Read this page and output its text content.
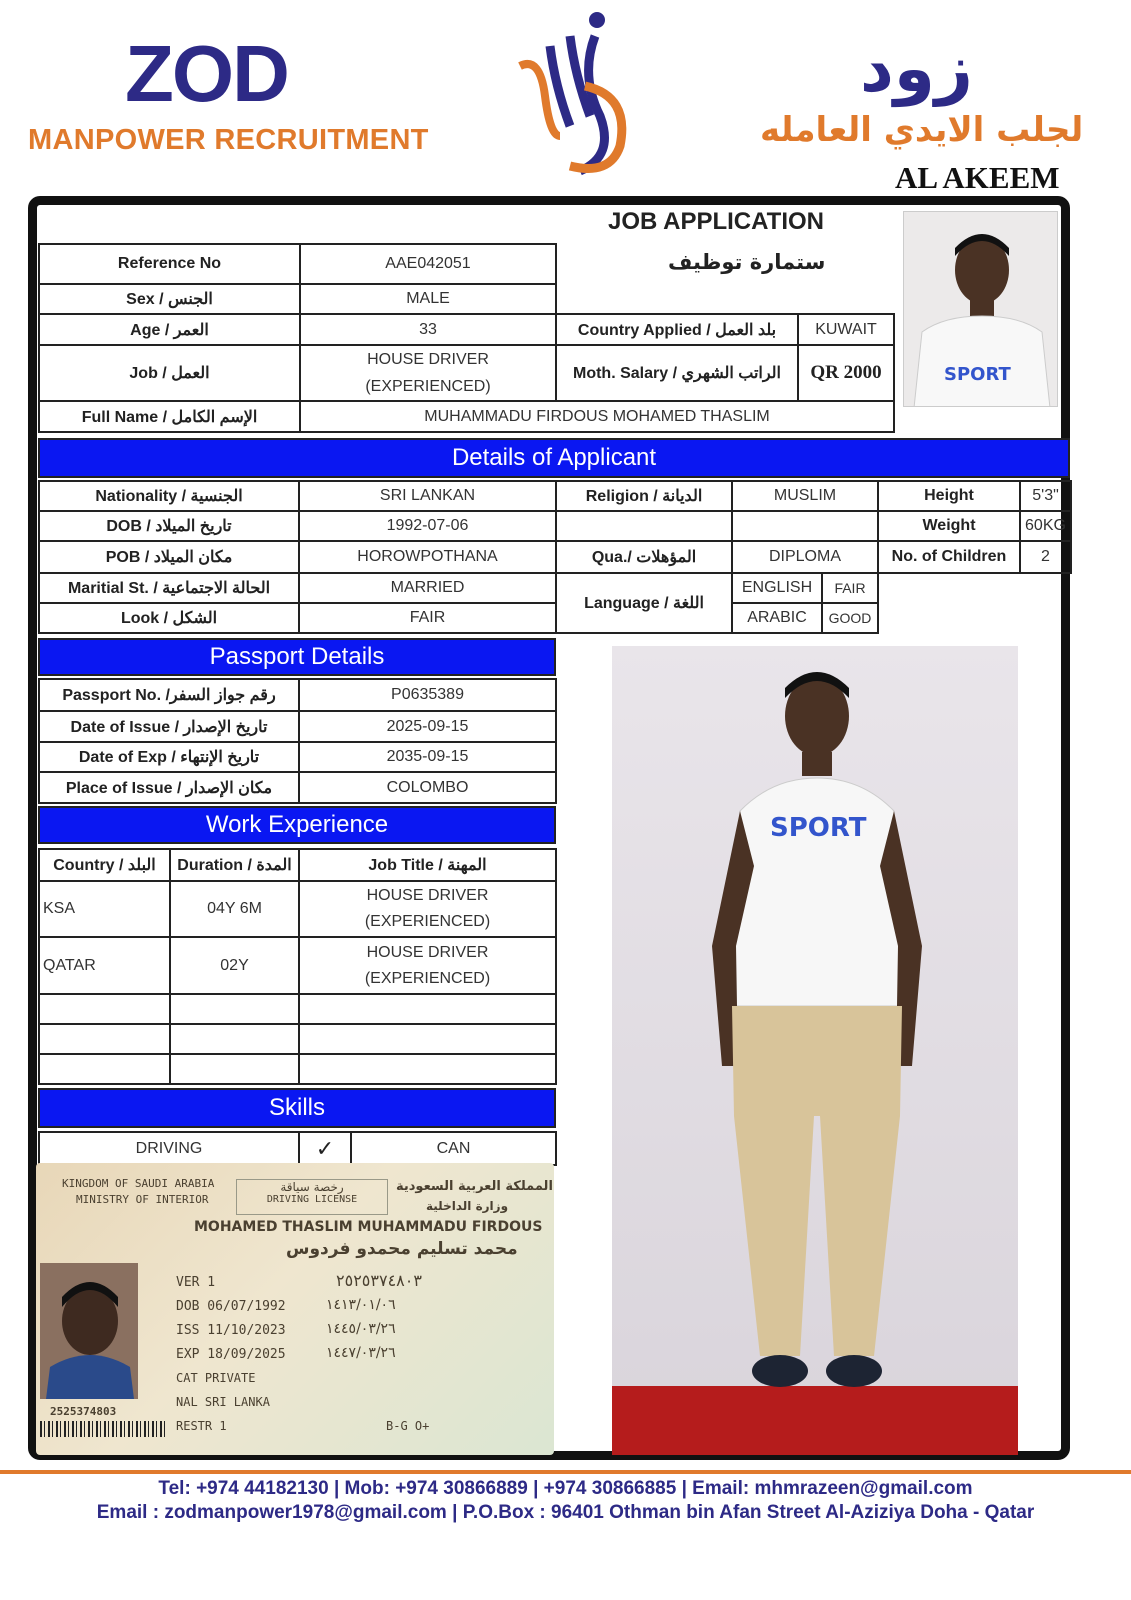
ZOD
MANPOWER RECRUITMENT
زود
لجلب الايدي العامله
AL AKEEM
JOB APPLICATION
ستمارة توظيف
Reference No	AAE042051
Sex / الجنس	MALE
Age / العمر	33	Country Applied / بلد العمل	KUWAIT
Job / العمل	HOUSE DRIVER (EXPERIENCED)	Moth. Salary / الراتب الشهري	QR 2000
Full Name / الإسم الكامل	MUHAMMADU FIRDOUS MOHAMED THASLIM		
SPORT
Details of Applicant
Nationality / الجنسية	SRI LANKAN	Religion / الديانة	MUSLIM		Height	5'3"
DOB / تاريخ الميلاد	1992-07-06				Weight	60KG
POB / مكان الميلاد	HOROWPOTHANA	Qua./ المؤهلات	DIPLOMA		No. of Children	2
Maritial St. / الحالة الاجتماعية	MARRIED	Language / اللغة	ENGLISH	FAIR		
Look / الشكل	FAIR		ARABIC	GOOD		
Passport Details
Passport No. /رقم جواز السفر	P0635389
Date of Issue / تاريخ الإصدار	2025-09-15
Date of Exp / تاريخ الإنتهاء	2035-09-15
Place of Issue / مكان الإصدار	COLOMBO
Work Experience
Country / البلد	Duration / المدة	Job Title / المهنة
KSA	04Y 6M	HOUSE DRIVER (EXPERIENCED)
QATAR	02Y	HOUSE DRIVER (EXPERIENCED)

Skills
DRIVING	✓	CAN
KINGDOM OF SAUDI ARABIA
MINISTRY OF INTERIOR
المملكة العربية السعودية
وزارة الداخلية
رخصة سياقة
DRIVING LICENSE
MOHAMED THASLIM MUHAMMADU FIRDOUS
محمد تسليم محمدو فردوس
VER 1
DOB 06/07/1992
ISS 11/10/2023
EXP 18/09/2025
CAT PRIVATE
NAL SRI LANKA
RESTR 1	B-G O+
٢٥٢٥٣٧٤٨٠٣
١٤١٣/٠١/٠٦
١٤٤٥/٠٣/٢٦
١٤٤٧/٠٣/٢٦
2525374803
SPORT
Tel: +974 44182130 | Mob: +974 30866889 | +974 30866885 | Email: mhmrazeen@gmail.com
Email : zodmanpower1978@gmail.com | P.O.Box : 96401 Othman bin Afan Street Al-Aziziya Doha - Qatar
